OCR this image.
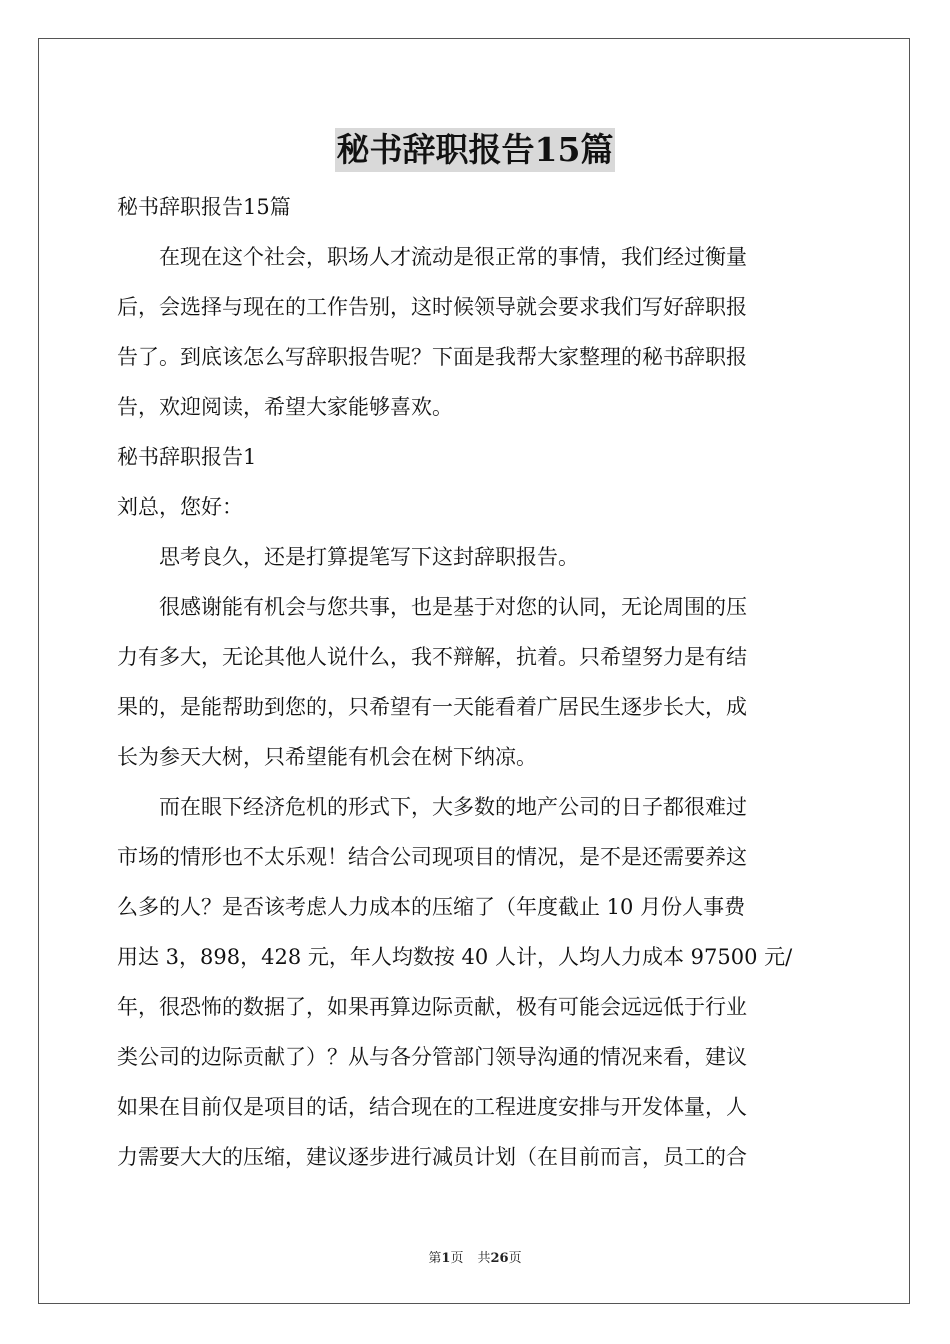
秘书辞职报告15篇

秘书辞职报告15篇

在现在这个社会，职场人才流动是很正常的事情，我们经过衡量

后，会选择与现在的工作告别，这时候领导就会要求我们写好辞职报

告了。到底该怎么写辞职报告呢？下面是我帮大家整理的秘书辞职报

告，欢迎阅读，希望大家能够喜欢。

秘书辞职报告1

刘总，您好：

思考良久，还是打算提笔写下这封辞职报告。

很感谢能有机会与您共事，也是基于对您的认同，无论周围的压

力有多大，无论其他人说什么，我不辩解，抗着。只希望努力是有结

果的，是能帮助到您的，只希望有一天能看着广居民生逐步长大，成

长为参天大树，只希望能有机会在树下纳凉。

而在眼下经济危机的形式下，大多数的地产公司的日子都很难过

市场的情形也不太乐观！结合公司现项目的情况，是不是还需要养这

么多的人？是否该考虑人力成本的压缩了（年度截止 10 月份人事费

用达 3，898，428 元，年人均数按 40 人计，人均人力成本 97500 元/

年，很恐怖的数据了，如果再算边际贡献，极有可能会远远低于行业

类公司的边际贡献了）？从与各分管部门领导沟通的情况来看，建议

如果在目前仅是项目的话，结合现在的工程进度安排与开发体量，人

力需要大大的压缩，建议逐步进行减员计划（在目前而言，员工的合

第1页 共26页
